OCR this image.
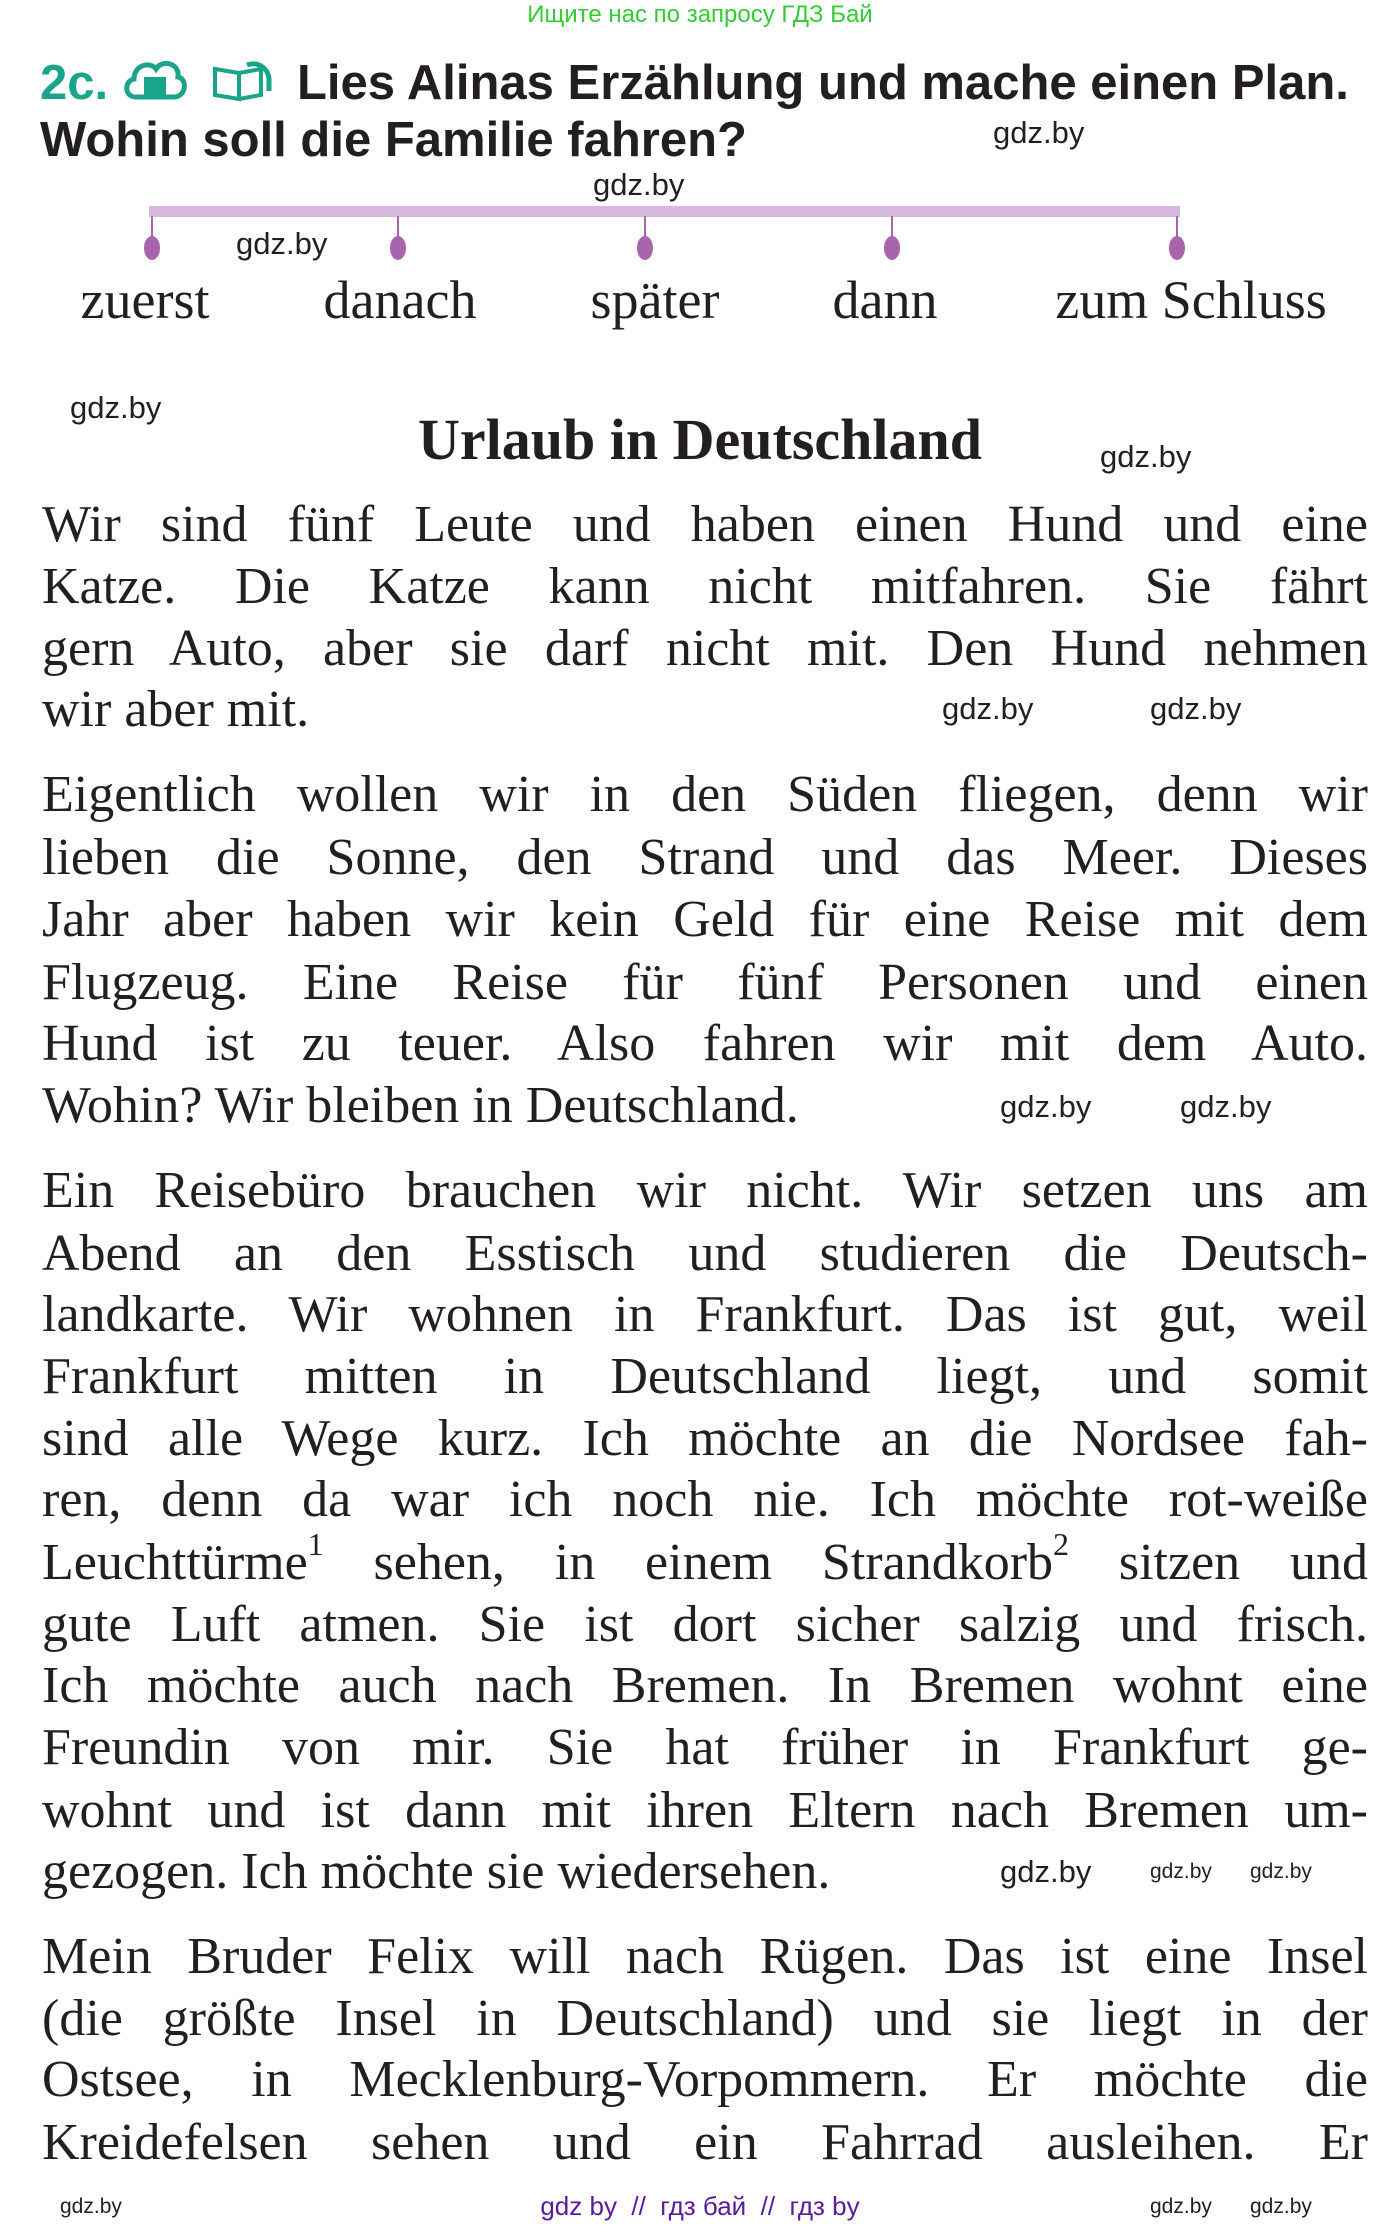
Ищите нас по запросу ГДЗ Бай
2c.	Lies Alinas Erzählung und mache einen Plan.
Wohin soll die Familie fahren?
zuerst danach später dann zum Schluss
Urlaub in Deutschland
Wir sind fünf Leute und haben einen Hund und eine
Katze. Die Katze kann nicht mitfahren. Sie fährt
gern Auto, aber sie darf nicht mit. Den Hund nehmen
wir aber mit.
Eigentlich wollen wir in den Süden fliegen, denn wir
lieben die Sonne, den Strand und das Meer. Dieses
Jahr aber haben wir kein Geld für eine Reise mit dem
Flugzeug. Eine Reise für fünf Personen und einen
Hund ist zu teuer. Also fahren wir mit dem Auto.
Wohin? Wir bleiben in Deutschland.
Ein Reisebüro brauchen wir nicht. Wir setzen uns am
Abend an den Esstisch und studieren die Deutsch-
landkarte. Wir wohnen in Frankfurt. Das ist gut, weil
Frankfurt mitten in Deutschland liegt, und somit
sind alle Wege kurz. Ich möchte an die Nordsee fah-
ren, denn da war ich noch nie. Ich möchte rot-weiße
Leuchttürme$^1$ sehen, in einem Strandkorb$^2$ sitzen und
gute Luft atmen. Sie ist dort sicher salzig und frisch.
Ich möchte auch nach Bremen. In Bremen wohnt eine
Freundin von mir. Sie hat früher in Frankfurt ge-
wohnt und ist dann mit ihren Eltern nach Bremen um-
gezogen. Ich möchte sie wiedersehen.
Mein Bruder Felix will nach Rügen. Das ist eine Insel
(die größte Insel in Deutschland) und sie liegt in der
Ostsee, in Mecklenburg-Vorpommern. Er möchte die
Kreidefelsen sehen und ein Fahrrad ausleihen. Er
gdz.by
gdz.by
gdz.by
gdz.by
gdz.by
gdz.by	gdz.by
gdz.by	gdz.by
gdz.by	gdz.by gdz.by
gdz.by	gdz.by gdz.by
gdz by  //  гдз бай  //  гдз by
